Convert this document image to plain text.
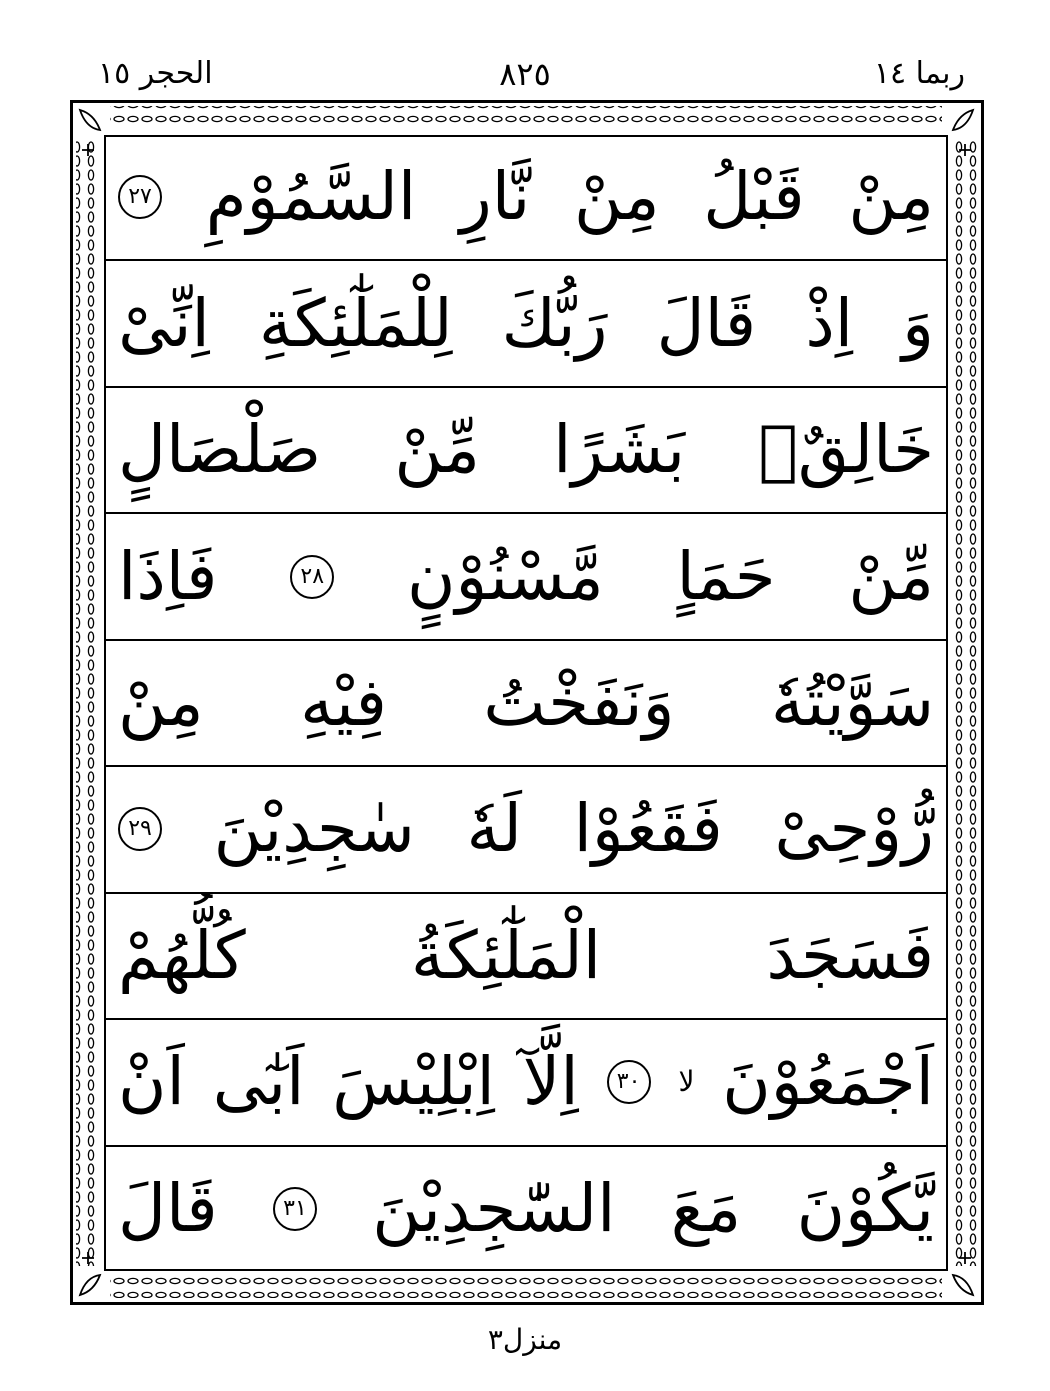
ربما ١٤
٨٢٥
الحجر ١٥
مِنْ
قَبْلُ
مِنْ
نَّارِ
السَّمُوْمِ
٢٧
وَ
اِذْ
قَالَ
رَبُّكَ
لِلْمَلٰٓئِكَةِ
اِنِّىْ
خَالِقٌۢ
بَشَرًا
مِّنْ
صَلْصَالٍ
مِّنْ
حَمَاٍ
مَّسْنُوْنٍ
٢٨
فَاِذَا
سَوَّيْتُهٗ
وَنَفَخْتُ
فِيْهِ
مِنْ
رُّوْحِىْ
فَقَعُوْا
لَهٗ
سٰجِدِيْنَ
٢٩
فَسَجَدَ
الْمَلٰٓئِكَةُ
كُلُّهُمْ
اَجْمَعُوْنَ
لا
٣٠
اِلَّآ
اِبْلِيْسَ
اَبٰٓى
اَنْ
يَّكُوْنَ
مَعَ
السّٰجِدِيْنَ
٣١
قَالَ
منزل٣
